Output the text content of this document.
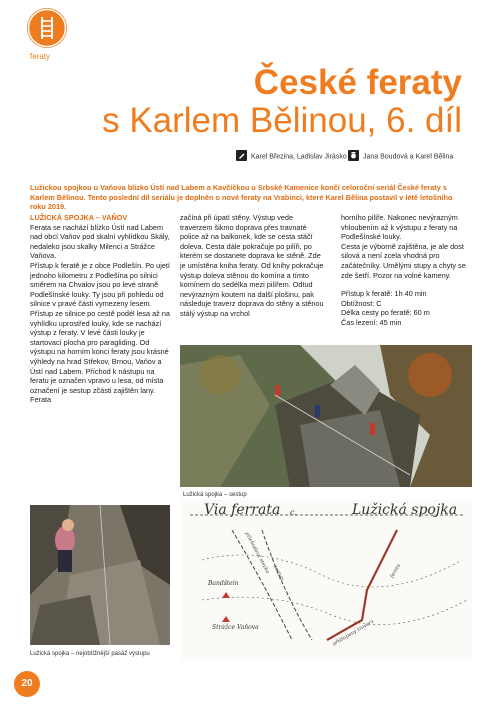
feraty
České feraty
s Karlem Bělinou, 6. díl
Karel Březina, Ladislav Jirásko	Jana Boudová a Karel Bělina
Lužickou spojkou u Vaňova blízko Ústí nad Labem a Kavčíčkou u Srbské Kamenice končí celoroční seriál České feraty s Karlem Bělinou. Tento poslední díl seriálu je doplněn o nové feraty na Vrabinci, které Karel Bělina postavil v létě letošního roku 2019.

LUŽICKÁ SPOJKA – VAŇOV

Ferata se nachází blízko Ústí nad Labem nad obcí Vaňov pod skalní vyhlídkou Skály, nedaleko jsou skalky Milenci a Strážce Vaňova.

Přístup k feratě je z obce Podlešín. Po ujetí jednoho kilometru z Podlešína po silnici směrem na Chvalov jsou po levé straně Podlešínské louky. Ty jsou při pohledu od silnice v pravé části vymezeny lesem. Přístup ze silnice po cestě podél lesa až na vyhlídku uprostřed louky, kde se nachází výstup z feraty. V levé části louky je startovací plocha pro paragliding. Od výstupu na horním konci feraty jsou krásné výhledy na hrad Střekov, Brnou, Vaňov a Ústí nad Labem. Příchod k nástupu na feratu je označen vpravo u lesa, od místa označení je sestup zčásti zajištěn lany. Ferata

začíná při úpatí stěny. Výstup vede traverzem šikmo doprava přes travnaté police až na balkonek, kde se cesta stáčí doleva. Cesta dále pokračuje po pilíři, po kterém se dostanete doprava ke stěně. Zde je umístěna kniha feraty. Od knihy pokračuje výstup doleva stěnou do komína a tímto komínem do sedélka mezi pilířem. Odtud nevýrazným koutem na další plošinu, pak následuje traverz doprava do stěny a stěnou stálý výstup na vrchol

horního pilíře. Nakonec nevýrazným vhloubením až k výstupu z feraty na Podlešínské louky.

Cesta je výborně zajištěna, je ale dost silová a není zcela vhodná pro začátečníky. Umělými stupy a chyty se zde šetří. Pozor na volné kameny.

Přístup k feratě: 1h 40 min

Obtížnost: C

Délka cesty po feratě: 60 m

Čas lezení: 45 min

Lužická spojka – sestup
Lužická spojka – nejobtížnější pasáž výstupu
Via ferrata c.	Lužická spojka
Bandštein
Strážce Vaňova
příchodová stezka sestup	ferata
přístupový traverz
20
